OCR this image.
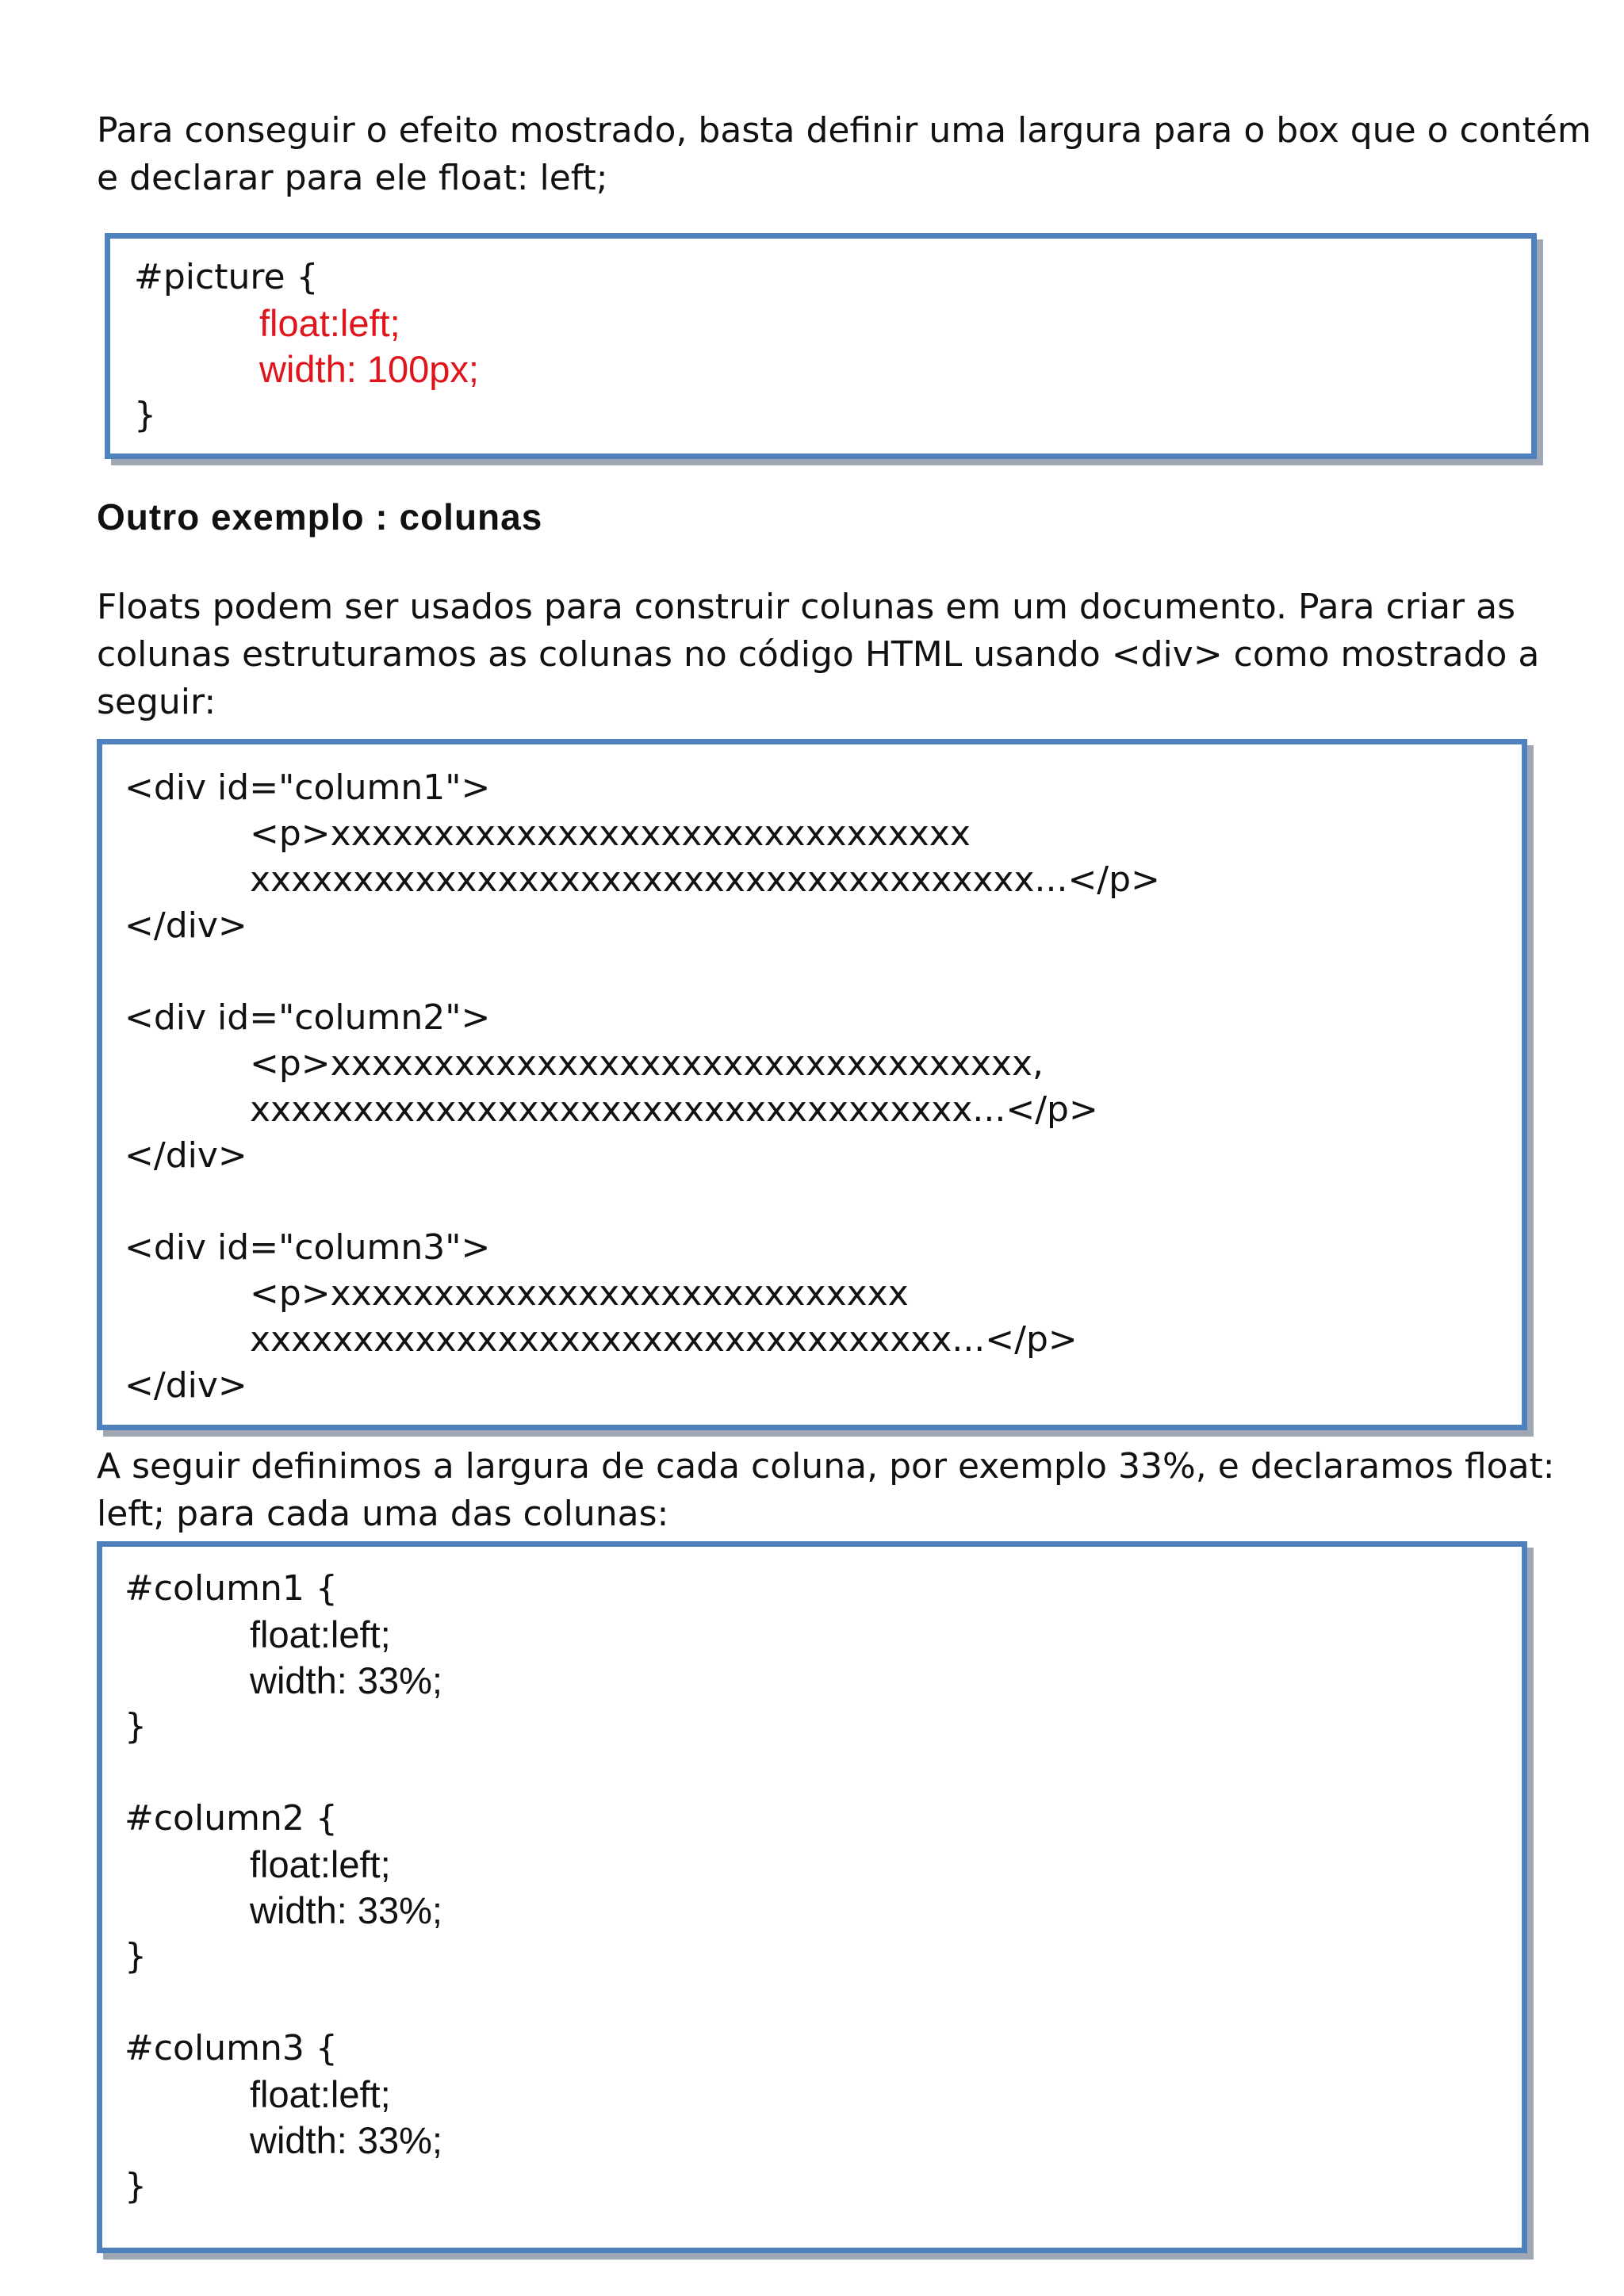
Para conseguir o efeito mostrado, basta definir uma largura para o box que o contém
e declarar para ele float: left;

#picture {
float:left;
width: 100px;
}
Outro exemplo : colunas

Floats podem ser usados para construir colunas em um documento. Para criar as
colunas estruturamos as colunas no código HTML usando <div> como mostrado a
seguir:

<div id="column1">
<p>xxxxxxxxxxxxxxxxxxxxxxxxxxxxxxx
xxxxxxxxxxxxxxxxxxxxxxxxxxxxxxxxxxxxxx...</p>
</div>
<div id="column2">
<p>xxxxxxxxxxxxxxxxxxxxxxxxxxxxxxxxxx,
xxxxxxxxxxxxxxxxxxxxxxxxxxxxxxxxxxx...</p>
</div>
<div id="column3">
<p>xxxxxxxxxxxxxxxxxxxxxxxxxxxx
xxxxxxxxxxxxxxxxxxxxxxxxxxxxxxxxxx...</p>
</div>

A seguir definimos a largura de cada coluna, por exemplo 33%, e declaramos float:
left; para cada uma das colunas:

#column1 {
float:left;
width: 33%;
}
#column2 {
float:left;
width: 33%;
}
#column3 {
float:left;
width: 33%;
}
